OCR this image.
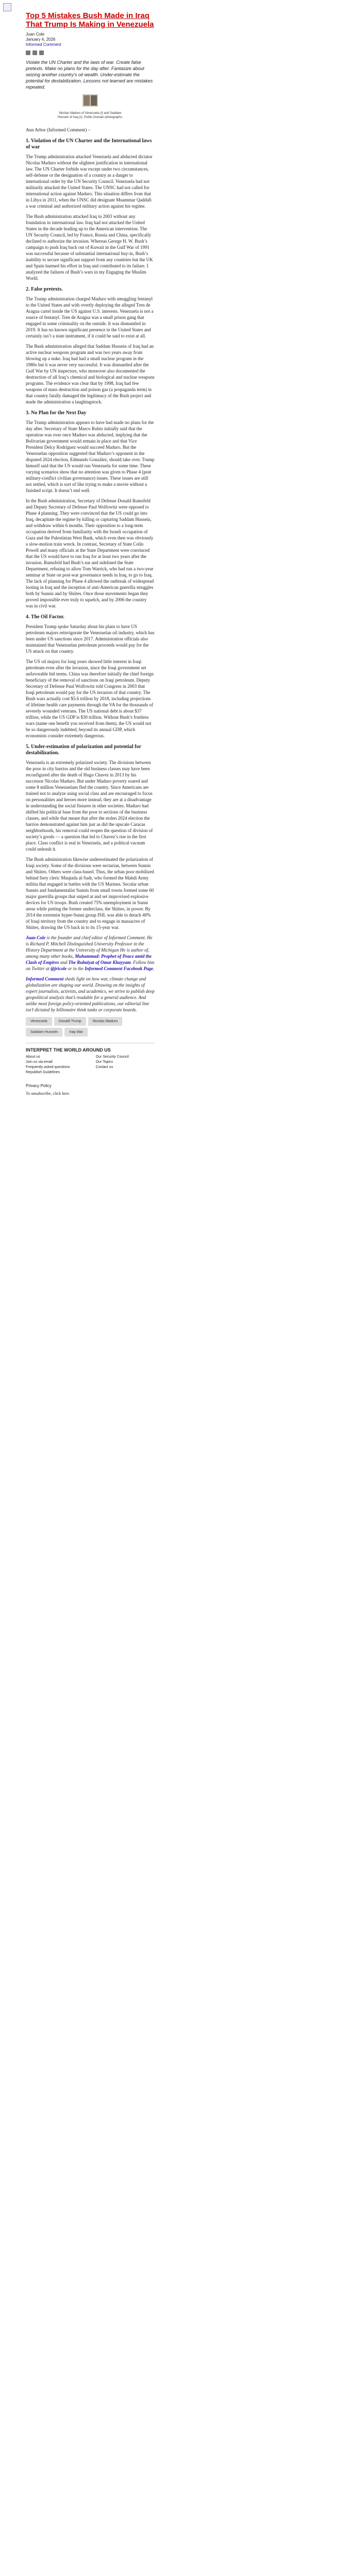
Top 5 Mistakes Bush Made in Iraq That Trump Is Making in Venezuela
Juan Cole
January 4, 2026
Informed Comment

Violate the UN Charter and the laws of war. Create false pretexts. Make no plans for the day after. Fantasize about seizing another country’s oil wealth. Under-estimate the potential for destabilization. Lessons not learned are mistakes repeated.

Nicolas Maduro of Venezuela (l) and Saddam
Hussein of Iraq (r). Public Domain photographs.

Ann Arbor (Informed Comment) –

1. Violation of the UN Charter and the International laws of war

The Trump administration attacked Venezuela and abducted dictator Nicolas Maduro without the slightest justification in international law. The UN Charter forbids war except under two circumstances, self-defense or the designation of a country as a danger to international order by the UN Security Council. Venezuela had not militarily attacked the United States. The UNSC had not called for international action against Maduro. This situation differs from that in Libya in 2011, when the UNSC did designate Muammar Qaddafi a war criminal and authorized military action against his regime.

The Bush administration attacked Iraq in 2003 without any foundation in international law. Iraq had not attacked the United States in the decade leading up to the American intervention. The UN Security Council, led by France, Russia and China, specifically declined to authorize the invasion. Whereas George H. W. Bush’s campaign to push Iraq back out of Kuwait in the Gulf War of 1991 was successful because of substantial international buy-in, Bush’s inability to secure significant support from any countries but the UK and Spain harmed his effort in Iraq and contributed to its failure. I analyzed the failures of Bush’s wars in my Engaging the Muslim World.

2. False pretexts.

The Trump administration charged Maduro with smuggling fentanyl to the United States and with overtly deploying the alleged Tren de Aragua cartel inside the US against U.S. interests. Venezuela is not a source of fentanyl. Tren de Aragua was a small prison gang that engaged in some criminality on the outside. It was dismantled in 2019. It has no known significant presence in the United States and certainly isn’t a state instrument, if it could be said to exist at all.

The Bush administration alleged that Saddam Hussein of Iraq had an active nuclear weapons program and was two years away from blowing up a nuke. Iraq had had a small nuclear program in the 1980s but it was never very successful. It was dismantled after the Gulf War by UN inspectors, who moreover also documented the destruction of all Iraq’s chemical and biological and nuclear weapons programs. The evidence was clear that by 1998, Iraq had few weapons of mass destruction and poison gas (a propaganda term) in that country fatally damaged the legitimacy of the Bush project and made the administration a laughingstock.

3. No Plan for the Next Day

The Trump administration appears to have had made no plans for the day after. Secretary of State Marco Rubio initially said that the operation was over once Maduro was abducted, implying that the Bolivarian government would remain in place and that Vice President Delcy Rodriguez would succeed Maduro. But the Venezuelan opposition suggested that Maduro’s opponent in the disputed 2024 election, Edmundo González, should take over. Trump himself said that the US would run Venezuela for some time. These varying scenarios show that no attention was given to Phase 4 (post military-conflict civilian governance) issues. These issues are still not settled, which is sort of like trying to make a movie without a finished script. It doesn’t end well.

In the Bush administration, Secretary of Defense Donald Rumsfeld and Deputy Secretary of Defense Paul Wolfowitz were opposed to Phase 4 planning. They were convinced that the US could go into Iraq, decapitate the regime by killing or capturing Saddam Hussein, and withdraw within 6 months. Their opposition to a long-term occupation derived from familiarity with the Israeli occupation of Gaza and the Palestinian West Bank, which even then was obviously a slow-motion train wreck. In contrast, Secretary of State Colin Powell and many officials at the State Department were convinced that the US would have to run Iraq for at least two years after the invasion. Rumsfeld had Bush’s ear and sidelined the State Department, refusing to allow Tom Warrick, who had run a two-year seminar at State on post-war governance needs in Iraq, to go to Iraq. The lack of planning for Phase 4 allowed the outbreak of widespread looting in Iraq and the inception of anti-American guerrilla struggles both by Sunnis and by Shiites. Once those movements began they proved impossible ever truly to squelch, and by 2006 the country was in civil war.

4. The Oil Factor.

President Trump spoke Saturday about his plans to have US petroleum majors reinvigorate the Venezuelan oil industry, which has been under US sanctions since 2017. Administration officials also maintained that Venezuelan petroleum proceeds would pay for the US attack on that country.

The US oil majors for long years showed little interest in Iraqi petroleum even after the invasion, since the Iraqi government set unfavorable bid terms. China was therefore initially the chief foreign beneficiary of the removal of sanctions on Iraqi petroleum. Deputy Secretary of Defense Paul Wolfowitz told Congress in 2003 that Iraqi petroleum would pay for the US invasion of that country. The Bush wars actually cost $5.6 trillion by 2018, including projections of lifetime health care payments through the VA for the thousands of severely wounded veterans. The US national debt is about $37 trillion, while the US GDP is $30 trillion. Without Bush’s fruitless wars (name one benefit you received from them), the US would not be so dangerously indebted, beyond its annual GDP, which economists consider extremely dangerous.

5. Under-estimation of polarization and potential for destabilization.

Venezuela is an extremely polarized society. The divisions between the poor in city barrios and the old business classes may have been reconfigured after the death of Hugo Chavez in 2013 by his successor Nicolas Maduro. But under Maduro poverty soared and some 8 million Venezuelans fled the country. Since Americans are trained not to analyze using social class and are encouraged to focus on personalities and heroes more instead, they are at a disadvantage in understanding the social fissures in other societies. Maduro had shifted his political base from the poor to sections of the business classes, and while that meant that after the stolen 2024 election the barrios demonstrated against him just as did the upscale Caracas neighborhoods, his removal could reopen the question of division of society’s goods — a question that led to Chavez’s rise in the first place. Class conflict is real in Venezuela, and a political vacuum could unleash it.

The Bush administration likewise underestimated the polarization of Iraqi society. Some of the divisions were sectarian, between Sunnis and Shiites. Others were class-based. Thus, the urban poor mobilized behind fiery cleric Muqtada al-Sadr, who formed the Mahdi Army militia that engaged in battles with the US Marines. Secular urban Sunnis and fundamentalist Sunnis from small towns formed some 60 major guerrilla groups that sniped at and set improvised explosive devices for US troops. Bush created 75% unemployment in Sunni areas while putting the former underclass, the Shiites, in power. By 2014 the extremist hyper-Sunni group ISIL was able to detach 40% of Iraqi territory from the country and to engage in massacres of Shiites, drawing the US back in to its 15-year war.

Juan Cole is the founder and chief editor of Informed Comment. He is Richard P. Mitchell Distinguished University Professor in the History Department at the University of Michigan He is author of, among many other books, Muhammad: Prophet of Peace amid the Clash of Empires and The Rubaiyat of Omar Khayyam. Follow him on Twitter at @jricole or in the Informed Comment Facebook Page.

Informed Comment sheds light on how war, climate change and globalization are shaping our world. Drawing on the insights of expert journalists, activists, and academics, we strive to publish deep geopolitical analysis that’s readable for a general audience. And unlike most foreign policy-oriented publications, our editorial line isn’t dictated by billionaire think tanks or corporate boards.

Venezuela	Donald Trump	Nicolas Maduro
Saddam Hussein	Iraq War
INTERPRET THE WORLD AROUND US
About us
Join us via email
Frequently asked questions
Republish Guidelines
Our Security Council
Our Topics
Contact us
Privacy Policy
To unsubscribe, click here.
